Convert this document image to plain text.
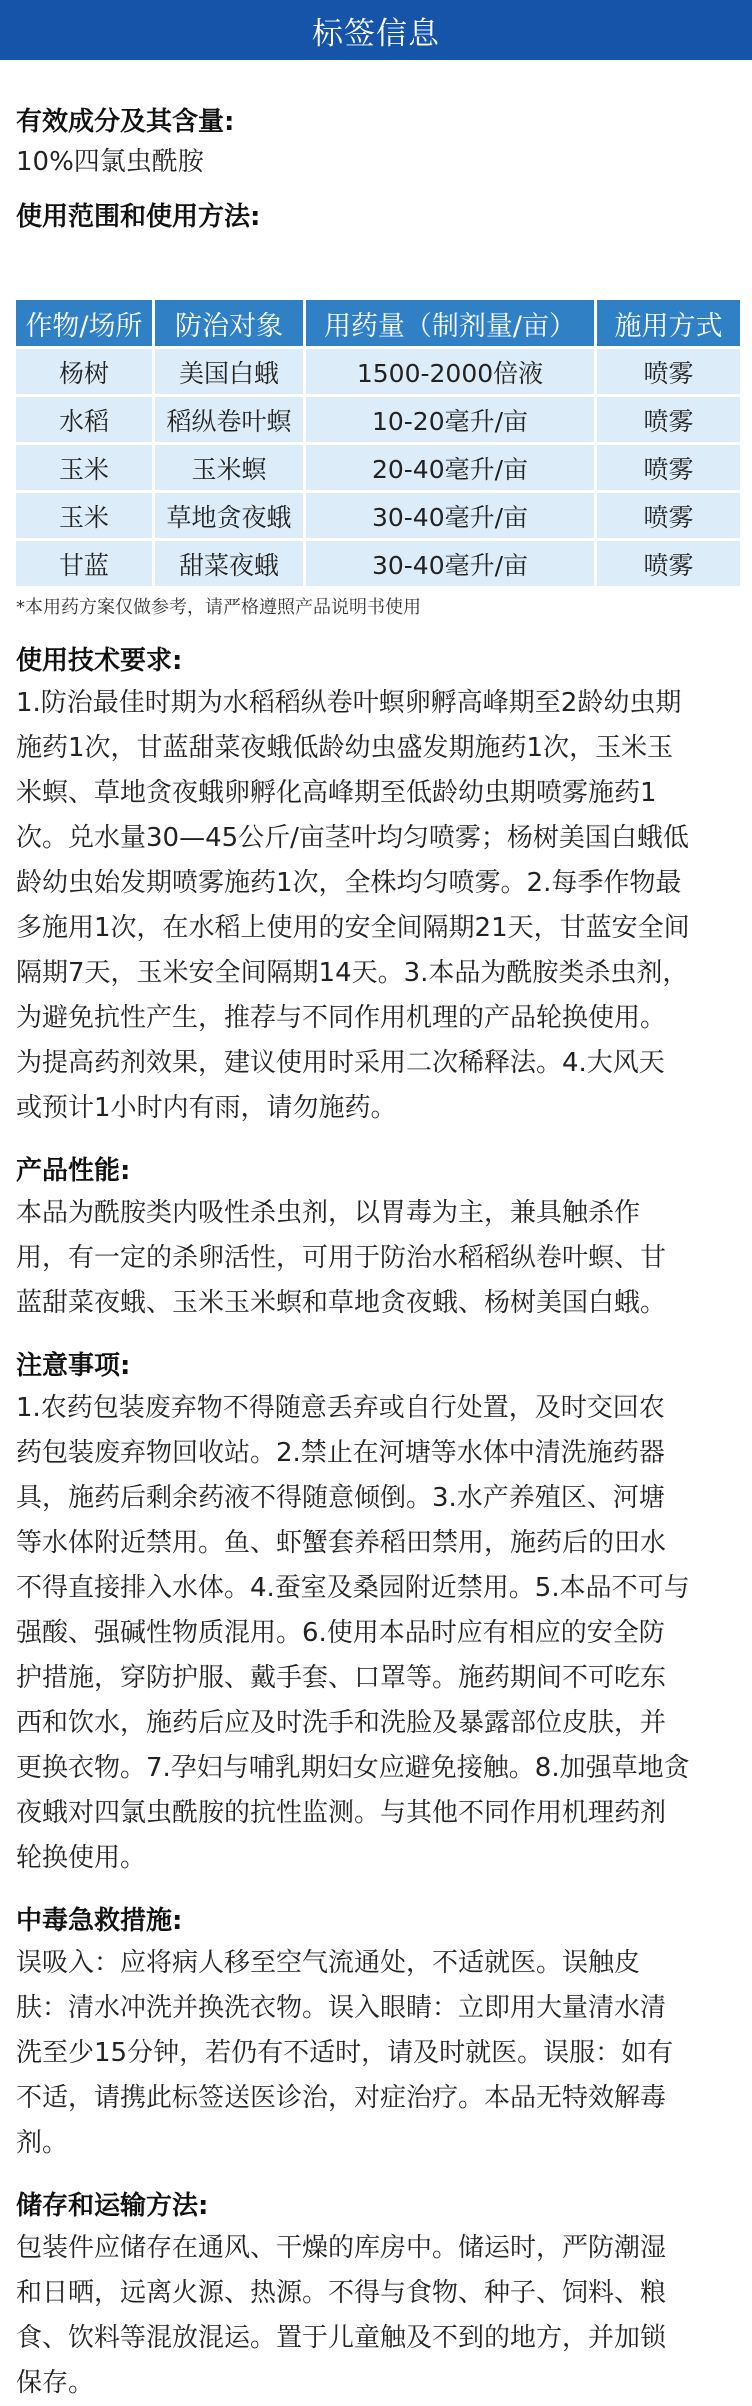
标签信息

有效成分及其含量:

10%四氯虫酰胺

使用范围和使用方法:

作物/场所	防治对象	用药量（制剂量/亩）	施用方式
杨树	美国白蛾	1500-2000倍液	喷雾
水稻	稻纵卷叶螟	10-20毫升/亩	喷雾
玉米	玉米螟	20-40毫升/亩	喷雾
玉米	草地贪夜蛾	30-40毫升/亩	喷雾
甘蓝	甜菜夜蛾	30-40毫升/亩	喷雾

*本用药方案仅做参考，请严格遵照产品说明书使用

使用技术要求:

1.防治最佳时期为水稻稻纵卷叶螟卵孵高峰期至2龄幼虫期
施药1次，甘蓝甜菜夜蛾低龄幼虫盛发期施药1次，玉米玉
米螟、草地贪夜蛾卵孵化高峰期至低龄幼虫期喷雾施药1
次。兑水量30—45公斤/亩茎叶均匀喷雾；杨树美国白蛾低
龄幼虫始发期喷雾施药1次，全株均匀喷雾。2.每季作物最
多施用1次，在水稻上使用的安全间隔期21天，甘蓝安全间
隔期7天，玉米安全间隔期14天。3.本品为酰胺类杀虫剂，
为避免抗性产生，推荐与不同作用机理的产品轮换使用。
为提高药剂效果，建议使用时采用二次稀释法。4.大风天
或预计1小时内有雨，请勿施药。

产品性能:

本品为酰胺类内吸性杀虫剂，以胃毒为主，兼具触杀作
用，有一定的杀卵活性，可用于防治水稻稻纵卷叶螟、甘
蓝甜菜夜蛾、玉米玉米螟和草地贪夜蛾、杨树美国白蛾。

注意事项:

1.农药包装废弃物不得随意丢弃或自行处置，及时交回农
药包装废弃物回收站。2.禁止在河塘等水体中清洗施药器
具，施药后剩余药液不得随意倾倒。3.水产养殖区、河塘
等水体附近禁用。鱼、虾蟹套养稻田禁用，施药后的田水
不得直接排入水体。4.蚕室及桑园附近禁用。5.本品不可与
强酸、强碱性物质混用。6.使用本品时应有相应的安全防
护措施，穿防护服、戴手套、口罩等。施药期间不可吃东
西和饮水，施药后应及时洗手和洗脸及暴露部位皮肤，并
更换衣物。7.孕妇与哺乳期妇女应避免接触。8.加强草地贪
夜蛾对四氯虫酰胺的抗性监测。与其他不同作用机理药剂
轮换使用。

中毒急救措施:

误吸入：应将病人移至空气流通处，不适就医。误触皮
肤：清水冲洗并换洗衣物。误入眼睛：立即用大量清水清
洗至少15分钟，若仍有不适时，请及时就医。误服：如有
不适，请携此标签送医诊治，对症治疗。本品无特效解毒
剂。

储存和运输方法:

包装件应储存在通风、干燥的库房中。储运时，严防潮湿
和日晒，远离火源、热源。不得与食物、种子、饲料、粮
食、饮料等混放混运。置于儿童触及不到的地方，并加锁
保存。
